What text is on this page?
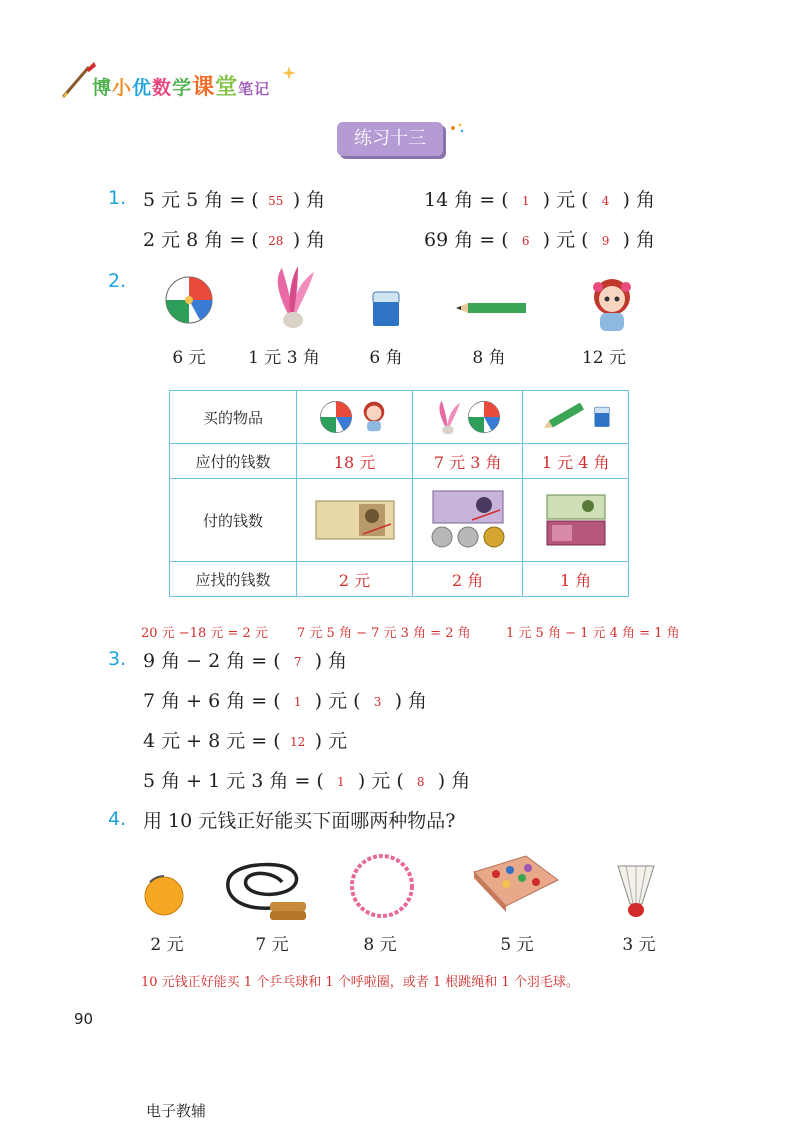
博小优数学课堂笔记
练习十三
1. 5 元 5 角 = ( 55 ) 角	14 角 = ( 1 ) 元 ( 4 ) 角
2 元 8 角 = ( 28 ) 角	69 角 = ( 6 ) 元 ( 9 ) 角
2.
6 元	1 元 3 角	6 角	8 角	12 元
买的物品			
应付的钱数	18 元	7 元 3 角	1 元 4 角
付的钱数		

应找的钱数	2 元	2 角	1 角
20 元 −18 元 = 2 元 7 元 5 角 − 7 元 3 角 = 2 角	1 元 5 角 − 1 元 4 角 = 1 角
3. 9 角 − 2 角 = ( 7 ) 角
7 角 + 6 角 = ( 1 ) 元 ( 3 ) 角
4 元 + 8 元 = ( 12 ) 元
5 角 + 1 元 3 角 = ( 1 ) 元 ( 8 ) 角
4. 用 10 元钱正好能买下面哪两种物品?
2 元	7 元	8 元	5 元	3 元
10 元钱正好能买 1 个乒乓球和 1 个呼啦圈，或者 1 根跳绳和 1 个羽毛球。
90
电子教辅
